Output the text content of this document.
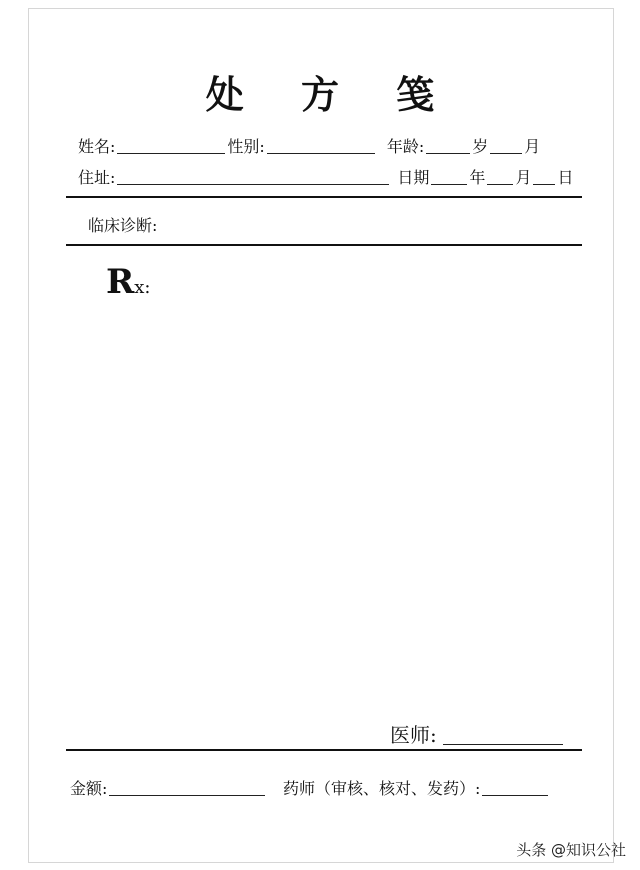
处 方 笺
姓名:	性别:	年龄:	岁 月
住址:	日期	年 月 日
临床诊断:
Rx:
医师:
金额:	药师（审核、核对、发药）:
头条 @知识公社
